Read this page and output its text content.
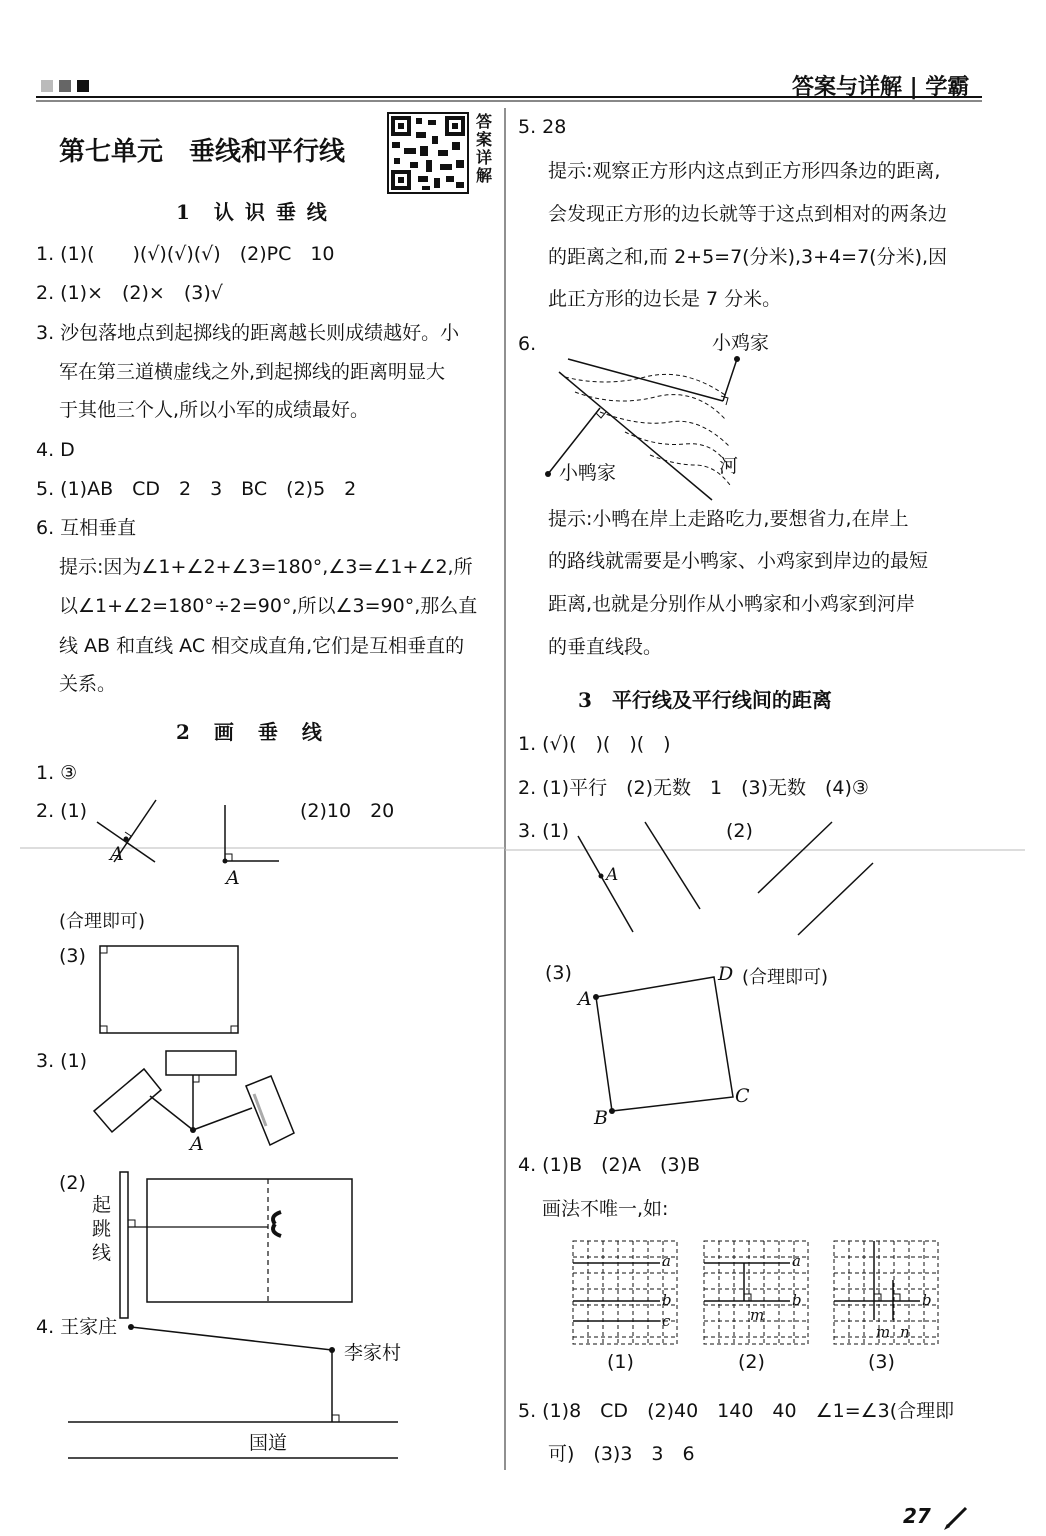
答案与详解 | 学霸
答案详解
第七单元　垂线和平行线
1　认 识 垂 线
1. (1)(　　)(√)(√)(√)　(2)PC　10
2. (1)×　(2)×　(3)√
3. 沙包落地点到起掷线的距离越长则成绩越好。小
军在第三道横虚线之外,到起掷线的距离明显大
于其他三个人,所以小军的成绩最好。
4. D
5. (1)AB　CD　2　3　BC　(2)5　2
6. 互相垂直
提示:因为∠1+∠2+∠3=180°,∠3=∠1+∠2,所
以∠1+∠2=180°÷2=90°,所以∠3=90°,那么直
线 AB 和直线 AC 相交成直角,它们是互相垂直的
关系。
2　画　垂　线
1. ③
2. (1)	(2)10　20
A
A
(合理即可)
(3)
3. (1)
A
(2)
起
跳
线
4. 王家庄
李家村
国道
5. 28
提示:观察正方形内这点到正方形四条边的距离,
会发现正方形的边长就等于这点到相对的两条边
的距离之和,而 2+5=7(分米),3+4=7(分米),因
此正方形的边长是 7 分米。
6.	小鸡家
小鸭家	河
提示:小鸭在岸上走路吃力,要想省力,在岸上
的路线就需要是小鸭家、小鸡家到岸边的最短
距离,也就是分别作从小鸭家和小鸡家到河岸
的垂直线段。
3　平行线及平行线间的距离
1. (√)(　)(　)(　)
2. (1)平行　(2)无数　1　(3)无数　(4)③
3. (1)	(2)
A
(3)	D (合理即可)
A
C
B
4. (1)B　(2)A　(3)B
画法不唯一,如:
a
b
c
a
b
m
b
m n
(1)	(2)	(3)
5. (1)8　CD　(2)40　140　40　∠1=∠3(合理即
可)　(3)3　3　6
27
